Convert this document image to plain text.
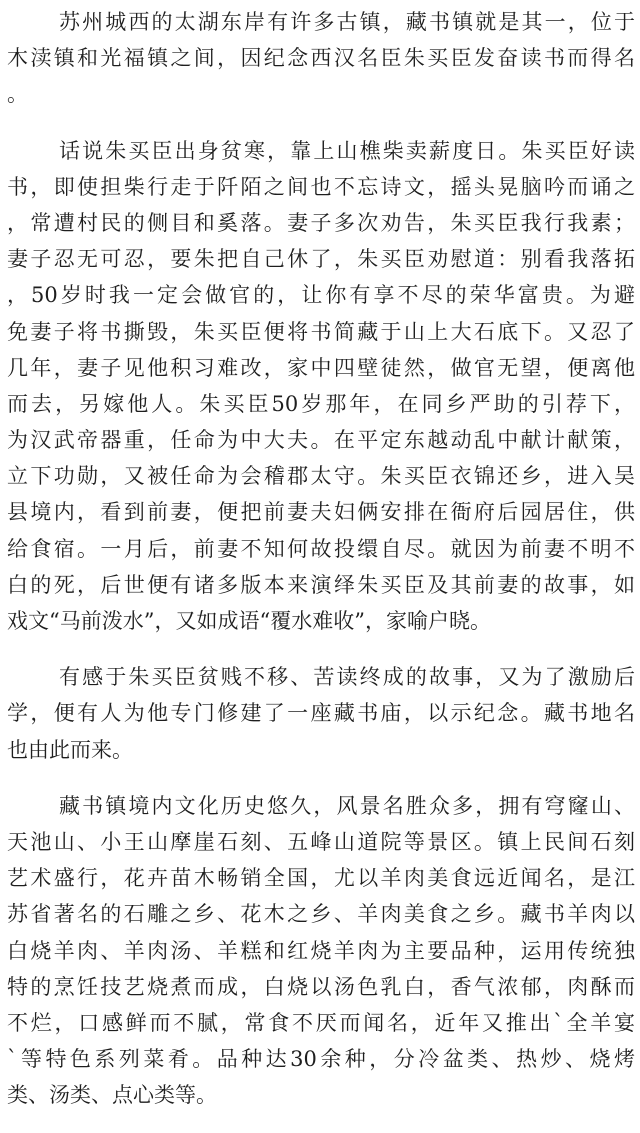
苏州城西的太湖东岸有许多古镇，藏书镇就是其一，位于
木渎镇和光福镇之间，因纪念西汉名臣朱买臣发奋读书而得名
。
话说朱买臣出身贫寒，靠上山樵柴卖薪度日。朱买臣好读
书，即使担柴行走于阡陌之间也不忘诗文，摇头晃脑吟而诵之
，常遭村民的侧目和奚落。妻子多次劝告，朱买臣我行我素；
妻子忍无可忍，要朱把自己休了，朱买臣劝慰道：别看我落拓
，50岁时我一定会做官的，让你有享不尽的荣华富贵。为避
免妻子将书撕毁，朱买臣便将书简藏于山上大石底下。又忍了
几年，妻子见他积习难改，家中四壁徒然，做官无望，便离他
而去，另嫁他人。朱买臣50岁那年，在同乡严助的引荐下，
为汉武帝器重，任命为中大夫。在平定东越动乱中献计献策，
立下功勋，又被任命为会稽郡太守。朱买臣衣锦还乡，进入吴
县境内，看到前妻，便把前妻夫妇俩安排在衙府后园居住，供
给食宿。一月后，前妻不知何故投缳自尽。就因为前妻不明不
白的死，后世便有诸多版本来演绎朱买臣及其前妻的故事，如
戏文“马前泼水”，又如成语“覆水难收”，家喻户晓。
有感于朱买臣贫贱不移、苦读终成的故事，又为了激励后
学，便有人为他专门修建了一座藏书庙，以示纪念。藏书地名
也由此而来。
藏书镇境内文化历史悠久，风景名胜众多，拥有穹窿山、
天池山、小王山摩崖石刻、五峰山道院等景区。镇上民间石刻
艺术盛行，花卉苗木畅销全国，尤以羊肉美食远近闻名，是江
苏省著名的石雕之乡、花木之乡、羊肉美食之乡。藏书羊肉以
白烧羊肉、羊肉汤、羊糕和红烧羊肉为主要品种，运用传统独
特的烹饪技艺烧煮而成，白烧以汤色乳白，香气浓郁，肉酥而
不烂，口感鲜而不腻，常食不厌而闻名，近年又推出`全羊宴
`等特色系列菜肴。品种达30余种，分冷盆类、热炒、烧烤
类、汤类、点心类等。
